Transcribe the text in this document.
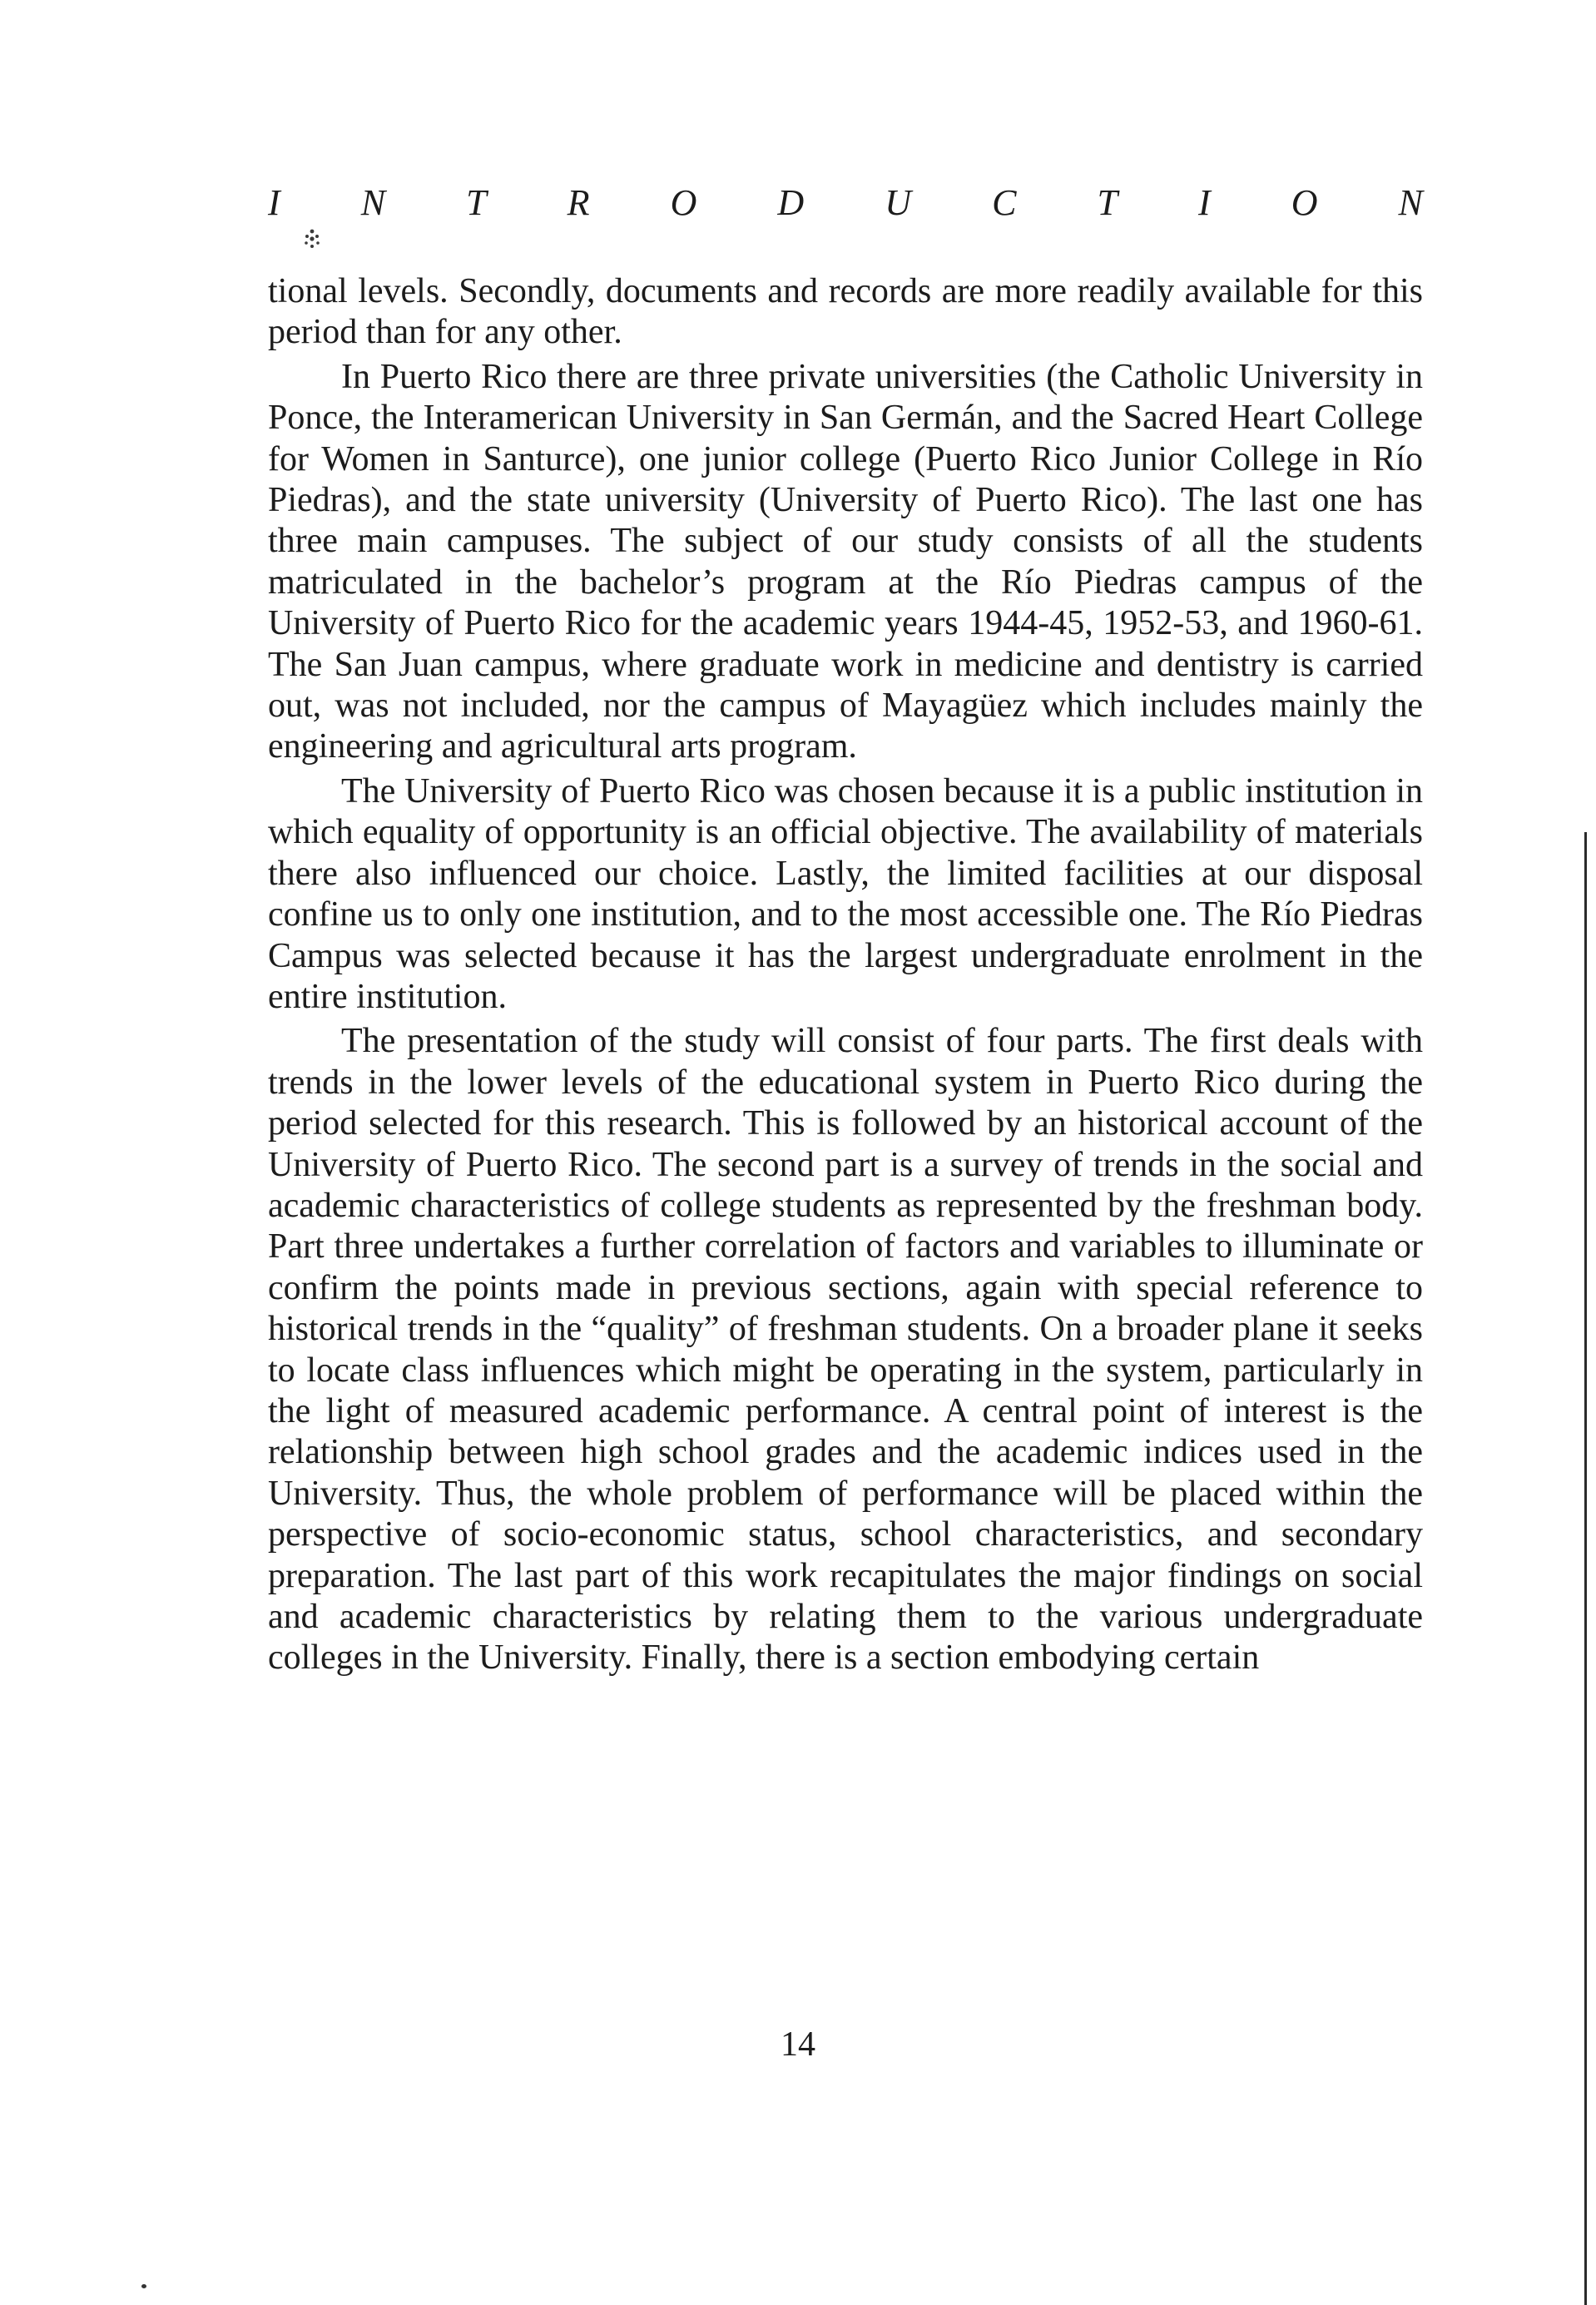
I N T R O D U C T I O N

tional levels. Secondly, documents and records are more readily available for this period than for any other.

In Puerto Rico there are three private universities (the Catholic University in Ponce, the Interamerican University in San Germán, and the Sacred Heart College for Women in Santurce), one junior college (Puerto Rico Junior College in Río Piedras), and the state university (University of Puerto Rico). The last one has three main campuses. The subject of our study consists of all the students matriculated in the bachelor’s program at the Río Piedras campus of the University of Puerto Rico for the academic years 1944-45, 1952-53, and 1960-61. The San Juan campus, where graduate work in medicine and dentistry is carried out, was not included, nor the campus of Mayagüez which includes mainly the engineering and agricultural arts program.

The University of Puerto Rico was chosen because it is a public institution in which equality of opportunity is an official objective. The availability of materials there also influenced our choice. Lastly, the limited facilities at our disposal confine us to only one institution, and to the most accessible one. The Río Piedras Campus was selected because it has the largest undergraduate enrolment in the entire institution.

The presentation of the study will consist of four parts. The first deals with trends in the lower levels of the educational system in Puerto Rico during the period selected for this research. This is followed by an historical account of the University of Puerto Rico. The second part is a survey of trends in the social and academic characteristics of college students as represented by the freshman body. Part three undertakes a further correlation of factors and variables to illuminate or confirm the points made in previous sections, again with special reference to historical trends in the “quality” of freshman students. On a broader plane it seeks to locate class influences which might be operating in the system, particularly in the light of measured academic performance. A central point of interest is the relationship between high school grades and the academic indices used in the University. Thus, the whole problem of performance will be placed within the perspective of socio-economic status, school characteristics, and secondary preparation. The last part of this work recapitulates the major findings on social and academic characteristics by relating them to the various undergraduate colleges in the University. Finally, there is a section embodying certain

14
